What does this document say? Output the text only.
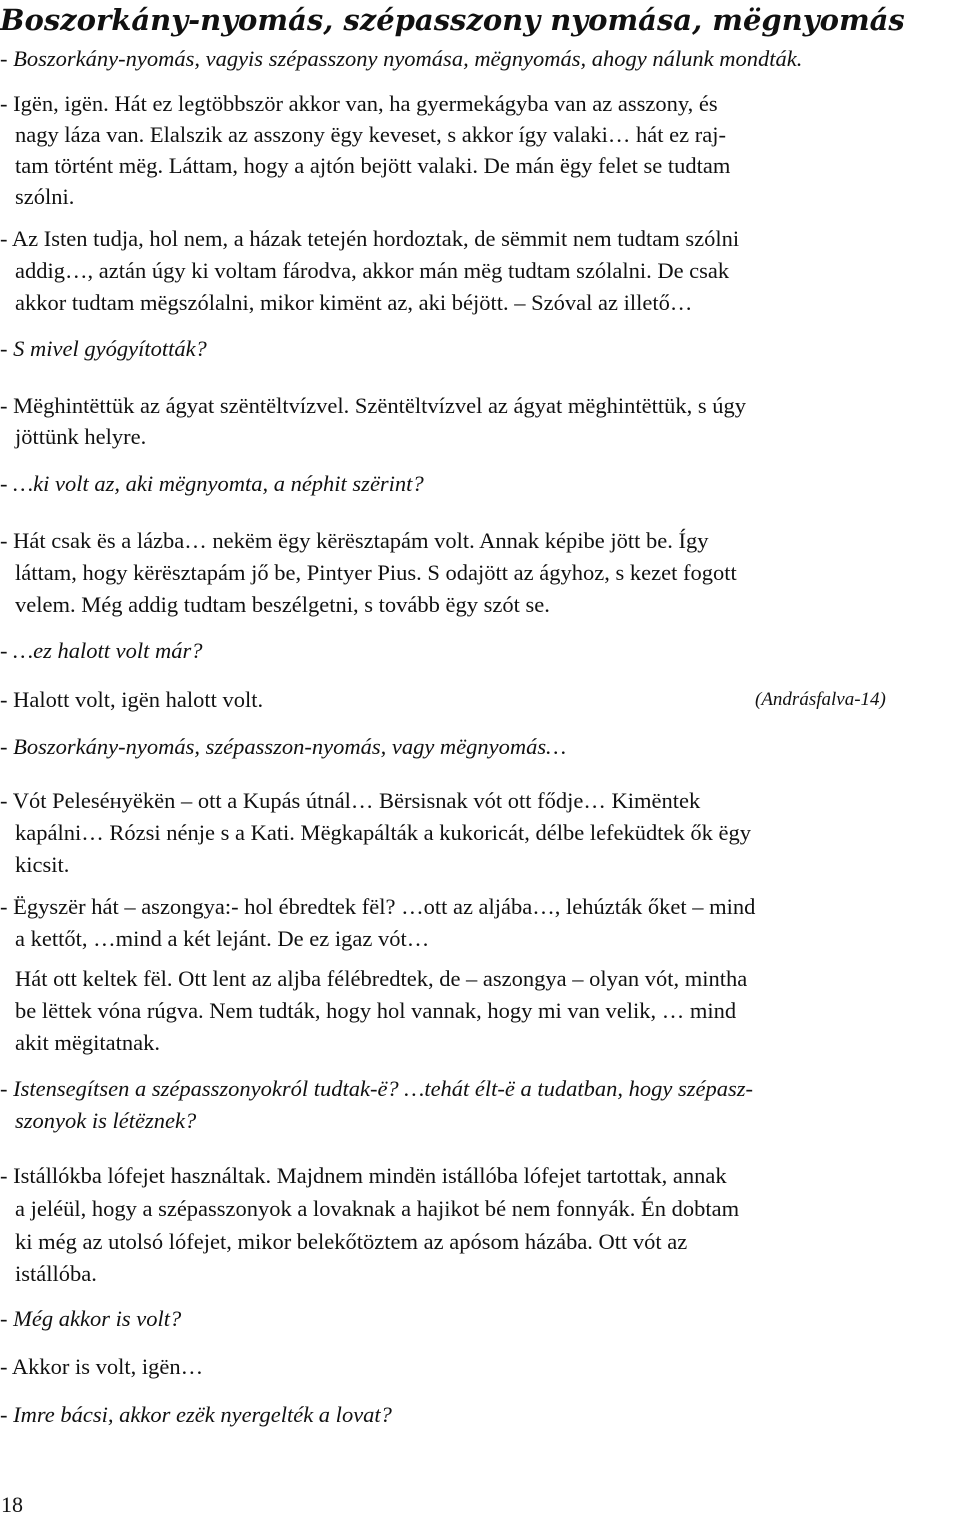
Boszorkány-nyomás, szépasszony nyomása, mëgnyomás

- Boszorkány-nyomás, vagyis szépasszony nyomása, mëgnyomás, ahogy nálunk mondták.

- Igën, igën. Hát ez legtöbbször akkor van, ha gyermekágyba van az asszony, és

nagy láza van. Elalszik az asszony ëgy keveset, s akkor így valaki… hát ez raj-

tam történt mëg. Láttam, hogy a ajtón bejött valaki. De mán ëgy felet se tudtam

szólni.

- Az Isten tudja, hol nem, a házak tetején hordoztak, de sëmmit nem tudtam szólni

addig…, aztán úgy ki voltam fárodva, akkor mán mëg tudtam szólalni. De csak

akkor tudtam mëgszólalni, mikor kimënt az, aki béjött. – Szóval az illető…

- S mivel gyógyították?

- Mëghintëttük az ágyat szëntëltvízvel. Szëntëltvízvel az ágyat mëghintëttük, s úgy

jöttünk helyre.

- …ki volt az, aki mëgnyomta, a néphit szërint?

- Hát csak ës a lázba… nekëm ëgy kërësztapám volt. Annak képibe jött be. Így

láttam, hogy kërësztapám jő be, Pintyer Pius. S odajött az ágyhoz, s kezet fogott

velem. Még addig tudtam beszélgetni, s tovább ëgy szót se.

- …ez halott volt már?

- Halott volt, igën halott volt.	(Andrásfalva-14)

- Boszorkány-nyomás, szépasszon-nyomás, vagy mëgnyomás…

- Vót Peleséнyëkën – ott a Kupás útnál… Bërsisnak vót ott fődje… Kimëntek

kapálni… Rózsi nénje s a Kati. Mëgkapálták a kukoricát, délbe lefeküdtek ők ëgy

kicsit.

- Ëgyszër hát – aszongya:- hol ébredtek fël? …ott az aljába…, lehúzták őket – mind

a kettőt, …mind a két leјánt. De ez igaz vót…

Hát ott keltek fël. Ott lent az aljba félébredtek, de – aszongya – olyan vót, mintha

be lëttek vóna rúgva. Nem tudták, hogy hol vannak, hogy mi van velik, … mind

akit mëgitatnak.

- Istensegítsen a szépasszonyokról tudtak-ë? …tehát élt-ë a tudatban, hogy szépasz-

szonyok is létëznek?

- Istállókba lófejet használtak. Majdnem mindën istállóba lófejet tartottak, annak

a jeléül, hogy a szépasszonyok a lovaknak a hajikot bé nem fonnyák. Én dobtam

ki még az utolsó lófejet, mikor belekőtöztem az apósom házába. Ott vót az

istállóba.

- Még akkor is volt?

- Akkor is volt, igën…

- Imre bácsi, akkor ezëk nyergelték a lovat?

18
